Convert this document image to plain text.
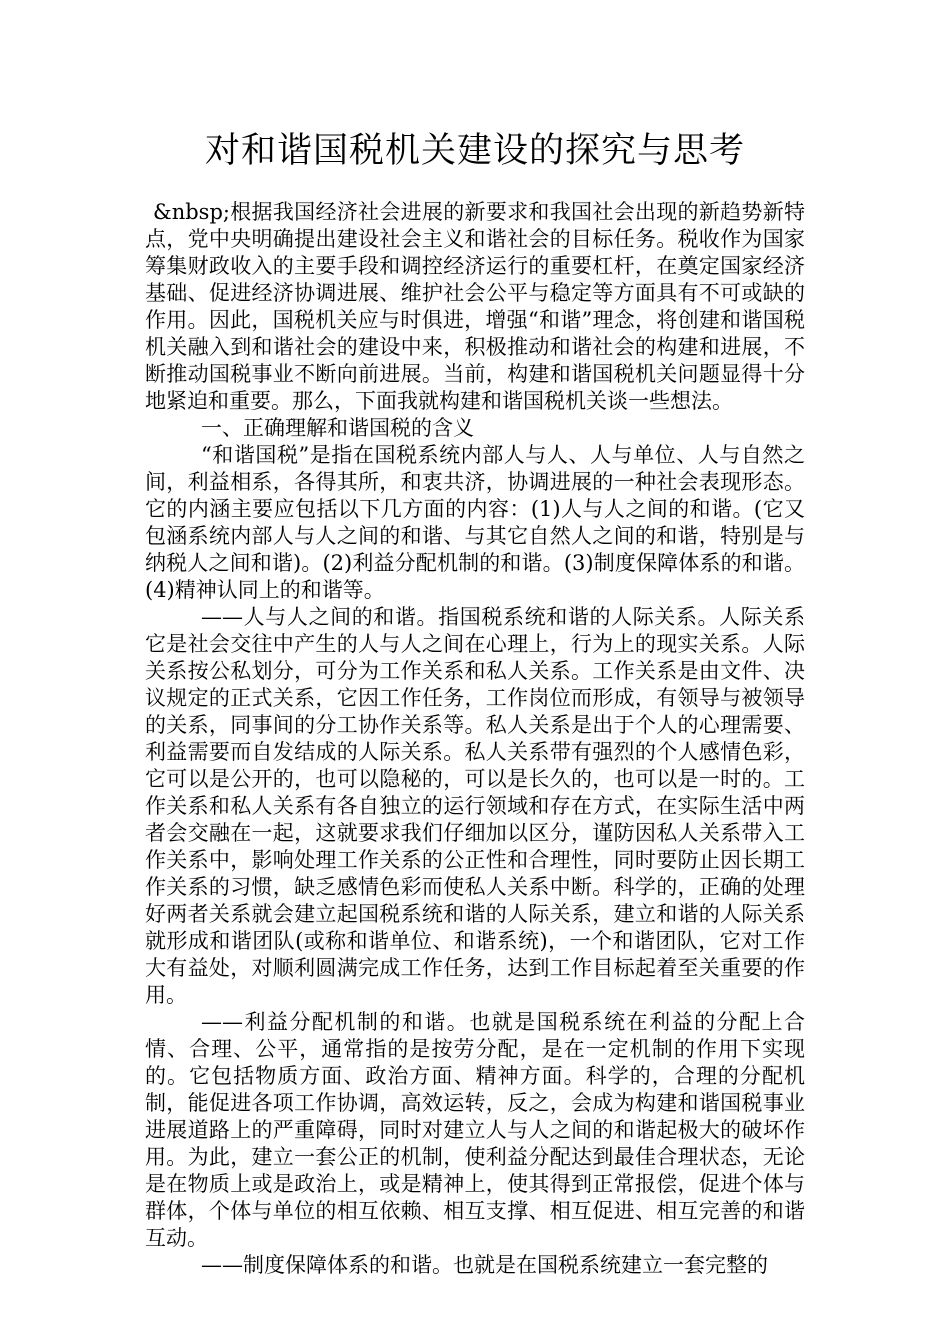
对和谐国税机关建设的探究与思考

&nbsp;根据我国经济社会进展的新要求和我国社会出现的新趋势新特点，党中央明确提出建设社会主义和谐社会的目标任务。税收作为国家筹集财政收入的主要手段和调控经济运行的重要杠杆，在奠定国家经济基础、促进经济协调进展、维护社会公平与稳定等方面具有不可或缺的作用。因此，国税机关应与时俱进，增强“和谐”理念，将创建和谐国税机关融入到和谐社会的建设中来，积极推动和谐社会的构建和进展，不断推动国税事业不断向前进展。当前，构建和谐国税机关问题显得十分地紧迫和重要。那么，下面我就构建和谐国税机关谈一些想法。

一、正确理解和谐国税的含义

“和谐国税”是指在国税系统内部人与人、人与单位、人与自然之间，利益相系，各得其所，和衷共济，协调进展的一种社会表现形态。它的内涵主要应包括以下几方面的内容：(1)人与人之间的和谐。(它又包涵系统内部人与人之间的和谐、与其它自然人之间的和谐，特别是与纳税人之间和谐)。(2)利益分配机制的和谐。(3)制度保障体系的和谐。(4)精神认同上的和谐等。

——人与人之间的和谐。指国税系统和谐的人际关系。人际关系它是社会交往中产生的人与人之间在心理上，行为上的现实关系。人际关系按公私划分，可分为工作关系和私人关系。工作关系是由文件、决议规定的正式关系，它因工作任务，工作岗位而形成，有领导与被领导的关系，同事间的分工协作关系等。私人关系是出于个人的心理需要、利益需要而自发结成的人际关系。私人关系带有强烈的个人感情色彩，它可以是公开的，也可以隐秘的，可以是长久的，也可以是一时的。工作关系和私人关系有各自独立的运行领域和存在方式，在实际生活中两者会交融在一起，这就要求我们仔细加以区分，谨防因私人关系带入工作关系中，影响处理工作关系的公正性和合理性，同时要防止因长期工作关系的习惯，缺乏感情色彩而使私人关系中断。科学的，正确的处理好两者关系就会建立起国税系统和谐的人际关系，建立和谐的人际关系就形成和谐团队(或称和谐单位、和谐系统)，一个和谐团队，它对工作大有益处，对顺利圆满完成工作任务，达到工作目标起着至关重要的作用。

——利益分配机制的和谐。也就是国税系统在利益的分配上合情、合理、公平，通常指的是按劳分配，是在一定机制的作用下实现的。它包括物质方面、政治方面、精神方面。科学的，合理的分配机制，能促进各项工作协调，高效运转，反之，会成为构建和谐国税事业进展道路上的严重障碍，同时对建立人与人之间的和谐起极大的破坏作用。为此，建立一套公正的机制，使利益分配达到最佳合理状态，无论是在物质上或是政治上，或是精神上，使其得到正常报偿，促进个体与群体，个体与单位的相互依赖、相互支撑、相互促进、相互完善的和谐互动。

——制度保障体系的和谐。也就是在国税系统建立一套完整的
